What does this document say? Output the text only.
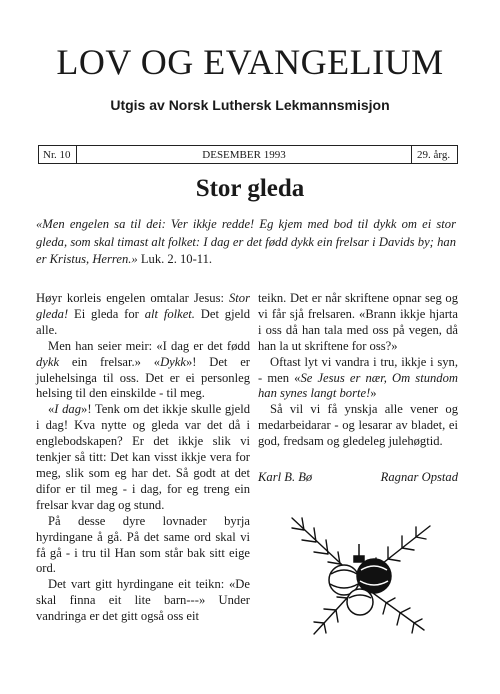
LOV OG EVANGELIUM
Utgis av Norsk Luthersk Lekmannsmisjon
Nr. 10	DESEMBER 1993	29. årg.
Stor gleda
«Men engelen sa til dei: Ver ikkje redde! Eg kjem med bod til dykk om ei stor gleda, som skal timast alt folket: I dag er det fødd dykk ein frelsar i Davids by; han er Kristus, Herren.» Luk. 2. 10-11.

Høyr korleis engelen omtalar Jesus: Stor gleda! Ei gleda for alt folket. Det gjeld alle.

Men han seier meir: «I dag er det fødd dykk ein frelsar.» «Dykk»! Det er julehelsinga til oss. Det er ei personleg helsing til den einskilde - til meg.

«I dag»! Tenk om det ikkje skulle gjeld i dag! Kva nytte og gleda var det då i englebodskapen? Er det ikkje slik vi tenkjer så titt: Det kan visst ikkje vera for meg, slik som eg har det. Så godt at det difor er til meg - i dag, for eg treng ein frelsar kvar dag og stund.

På desse dyre lovnader byrja hyrdingane å gå. På det same ord skal vi få gå - i tru til Han som står bak sitt eige ord.

Det vart gitt hyrdingane eit teikn: «De skal finna eit lite barn---» Under vandringa er det gitt også oss eit

teikn. Det er når skriftene opnar seg og vi får sjå frelsaren. «Brann ikkje hjarta i oss då han tala med oss på vegen, då han la ut skriftene for oss?»

Oftast lyt vi vandra i tru, ikkje i syn, - men «Se Jesus er nær, Om stundom han synes langt borte!»

Så vil vi få ynskja alle vener og medarbeidarar - og lesarar av bladet, ei god, fredsam og gledeleg julehøgtid.

Karl B. Bø	Ragnar Opstad
